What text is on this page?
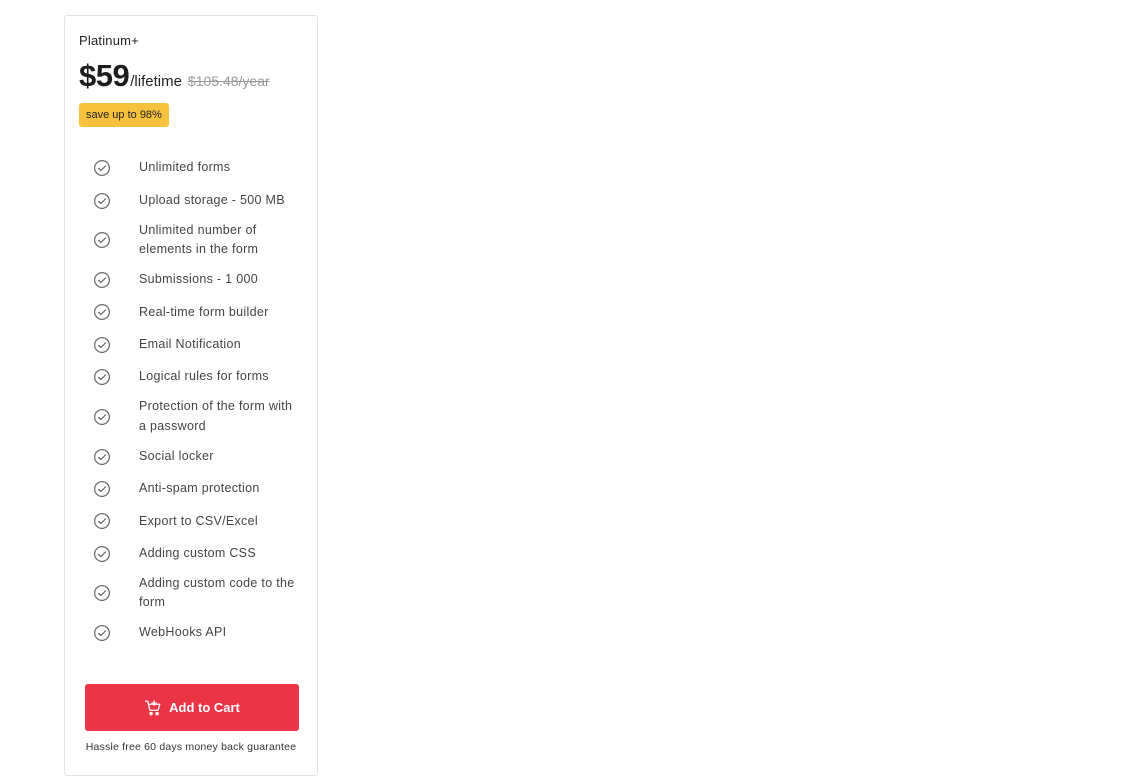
Platinum+
$59/lifetime $105.48/year
save up to 98%
Unlimited forms
Upload storage - 500 MB
Unlimited number of elements in the form
Submissions - 1 000
Real-time form builder
Email Notification
Logical rules for forms
Protection of the form with a password
Social locker
Anti-spam protection
Export to CSV/Excel
Adding custom CSS
Adding custom code to the form
WebHooks API
Add to Cart
Hassle free 60 days money back guarantee
